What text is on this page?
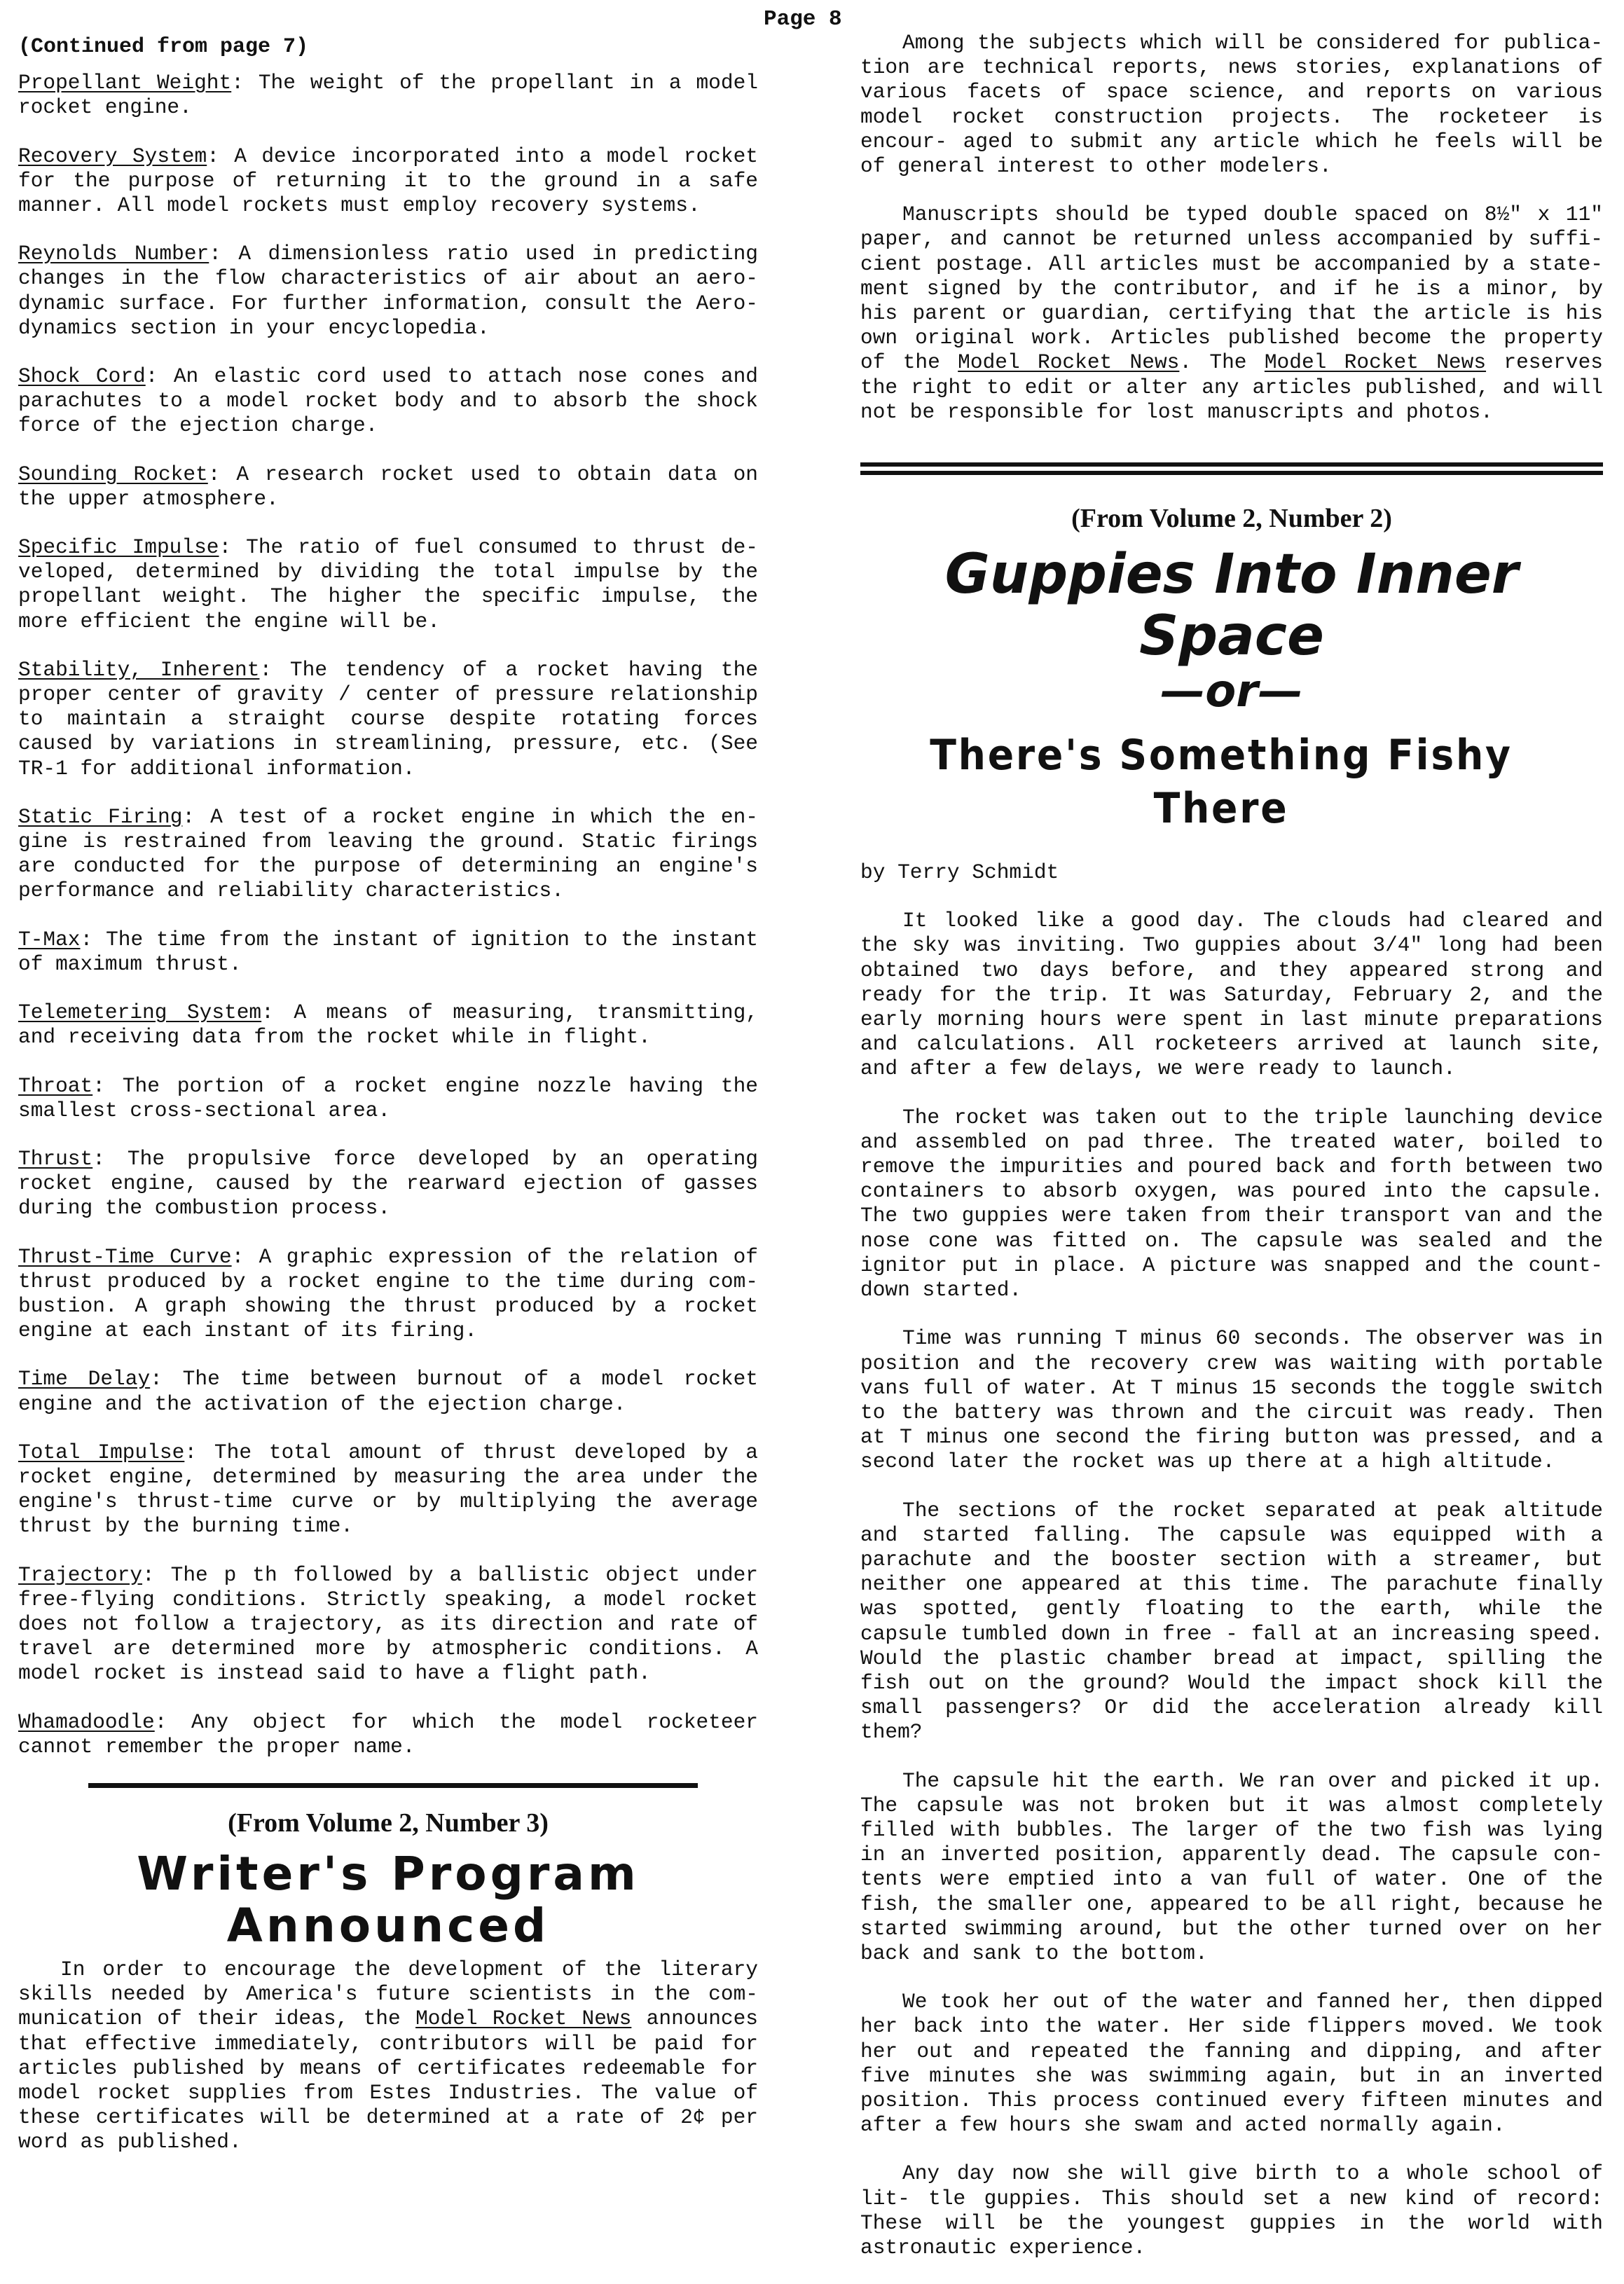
Page 8

(Continued from page 7)

Propellant Weight: The weight of the propellant in a model rocket engine.

Recovery System: A device incorporated into a model rocket for the purpose of returning it to the ground in a safe manner. All model rockets must employ recovery systems.

Reynolds Number: A dimensionless ratio used in predicting changes in the flow characteristics of air about an aero- dynamic surface. For further information, consult the Aero- dynamics section in your encyclopedia.

Shock Cord: An elastic cord used to attach nose cones and parachutes to a model rocket body and to absorb the shock force of the ejection charge.

Sounding Rocket: A research rocket used to obtain data on the upper atmosphere.

Specific Impulse: The ratio of fuel consumed to thrust de- veloped, determined by dividing the total impulse by the propellant weight. The higher the specific impulse, the more efficient the engine will be.

Stability, Inherent: The tendency of a rocket having the proper center of gravity / center of pressure relationship to maintain a straight course despite rotating forces caused by variations in streamlining, pressure, etc. (See TR-1 for additional information.

Static Firing: A test of a rocket engine in which the en- gine is restrained from leaving the ground. Static firings are conducted for the purpose of determining an engine's performance and reliability characteristics.

T-Max: The time from the instant of ignition to the instant of maximum thrust.

Telemetering System: A means of measuring, transmitting, and receiving data from the rocket while in flight.

Throat: The portion of a rocket engine nozzle having the smallest cross-sectional area.

Thrust: The propulsive force developed by an operating rocket engine, caused by the rearward ejection of gasses during the combustion process.

Thrust-Time Curve: A graphic expression of the relation of thrust produced by a rocket engine to the time during com- bustion. A graph showing the thrust produced by a rocket engine at each instant of its firing.

Time Delay: The time between burnout of a model rocket engine and the activation of the ejection charge.

Total Impulse: The total amount of thrust developed by a rocket engine, determined by measuring the area under the engine's thrust-time curve or by multiplying the average thrust by the burning time.

Trajectory: The p th followed by a ballistic object under free-flying conditions. Strictly speaking, a model rocket does not follow a trajectory, as its direction and rate of travel are determined more by atmospheric conditions. A model rocket is instead said to have a flight path.

Whamadoodle: Any object for which the model rocketeer cannot remember the proper name.

(From Volume 2, Number 3)

Writer's Program
Announced

In order to encourage the development of the literary skills needed by America's future scientists in the com- munication of their ideas, the Model Rocket News announces that effective immediately, contributors will be paid for articles published by means of certificates redeemable for model rocket supplies from Estes Industries. The value of these certificates will be determined at a rate of 2¢ per word as published.

Among the subjects which will be considered for publica- tion are technical reports, news stories, explanations of various facets of space science, and reports on various model rocket construction projects. The rocketeer is encour- aged to submit any article which he feels will be of general interest to other modelers.

Manuscripts should be typed double spaced on 8½" x 11" paper, and cannot be returned unless accompanied by suffi- cient postage. All articles must be accompanied by a state- ment signed by the contributor, and if he is a minor, by his parent or guardian, certifying that the article is his own original work. Articles published become the property of the Model Rocket News. The Model Rocket News reserves the right to edit or alter any articles published, and will not be responsible for lost manuscripts and photos.

(From Volume 2, Number 2)

Guppies Into Inner Space
—or—
There's Something Fishy There

by Terry Schmidt

It looked like a good day. The clouds had cleared and the sky was inviting. Two guppies about 3/4" long had been obtained two days before, and they appeared strong and ready for the trip. It was Saturday, February 2, and the early morning hours were spent in last minute preparations and calculations. All rocketeers arrived at launch site, and after a few delays, we were ready to launch.

The rocket was taken out to the triple launching device and assembled on pad three. The treated water, boiled to remove the impurities and poured back and forth between two containers to absorb oxygen, was poured into the capsule. The two guppies were taken from their transport van and the nose cone was fitted on. The capsule was sealed and the ignitor put in place. A picture was snapped and the count- down started.

Time was running T minus 60 seconds. The observer was in position and the recovery crew was waiting with portable vans full of water. At T minus 15 seconds the toggle switch to the battery was thrown and the circuit was ready. Then at T minus one second the firing button was pressed, and a second later the rocket was up there at a high altitude.

The sections of the rocket separated at peak altitude and started falling. The capsule was equipped with a parachute and the booster section with a streamer, but neither one appeared at this time. The parachute finally was spotted, gently floating to the earth, while the capsule tumbled down in free - fall at an increasing speed. Would the plastic chamber bread at impact, spilling the fish out on the ground? Would the impact shock kill the small passengers? Or did the acceleration already kill them?

The capsule hit the earth. We ran over and picked it up. The capsule was not broken but it was almost completely filled with bubbles. The larger of the two fish was lying in an inverted position, apparently dead. The capsule con- tents were emptied into a van full of water. One of the fish, the smaller one, appeared to be all right, because he started swimming around, but the other turned over on her back and sank to the bottom.

We took her out of the water and fanned her, then dipped her back into the water. Her side flippers moved. We took her out and repeated the fanning and dipping, and after five minutes she was swimming again, but in an inverted position. This process continued every fifteen minutes and after a few hours she swam and acted normally again.

Any day now she will give birth to a whole school of lit- tle guppies. This should set a new kind of record: These will be the youngest guppies in the world with astronautic experience.
